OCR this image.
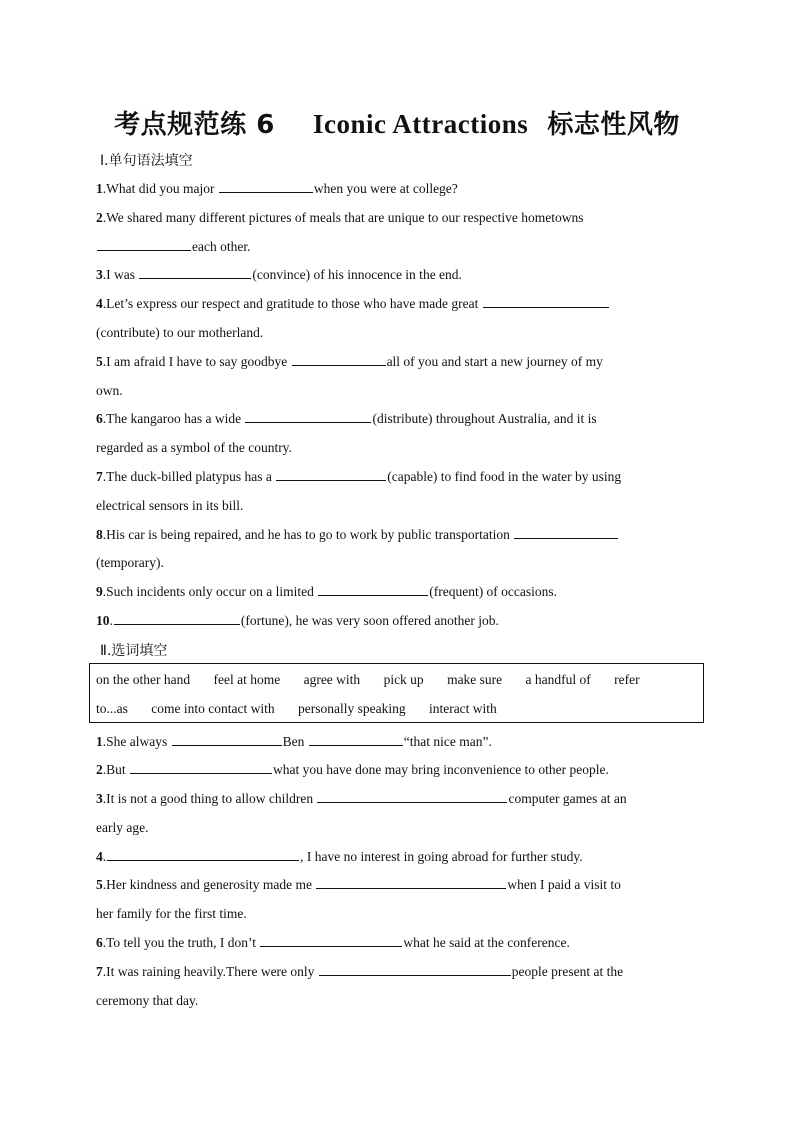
考点规范练 6 Iconic Attractions 标志性风物
Ⅰ.单句语法填空
1.What did you major	when you were at college?
2.We shared many different pictures of meals that are unique to our respective hometowns
each other.
3.I was	(convince) of his innocence in the end.
4.Let’s express our respect and gratitude to those who have made great
(contribute) to our motherland.
5.I am afraid I have to say goodbye	all of you and start a new journey of my
own.
6.The kangaroo has a wide	(distribute) throughout Australia, and it is
regarded as a symbol of the country.
7.The duck-billed platypus has a	(capable) to find food in the water by using
electrical sensors in its bill.
8.His car is being repaired, and he has to go to work by public transportation
(temporary).
9.Such incidents only occur on a limited	(frequent) of occasions.
10.	(fortune), he was very soon offered another job.
Ⅱ.选词填空
on the other hand feel at home agree with pick up make sure a handful of refer
to...as come into contact with personally speaking interact with
1.She always	Ben	“that nice man”.
2.But	what you have done may bring inconvenience to other people.
3.It is not a good thing to allow children	computer games at an
early age.
4.	, I have no interest in going abroad for further study.
5.Her kindness and generosity made me	when I paid a visit to
her family for the first time.
6.To tell you the truth, I don’t	what he said at the conference.
7.It was raining heavily.There were only	people present at the
ceremony that day.
